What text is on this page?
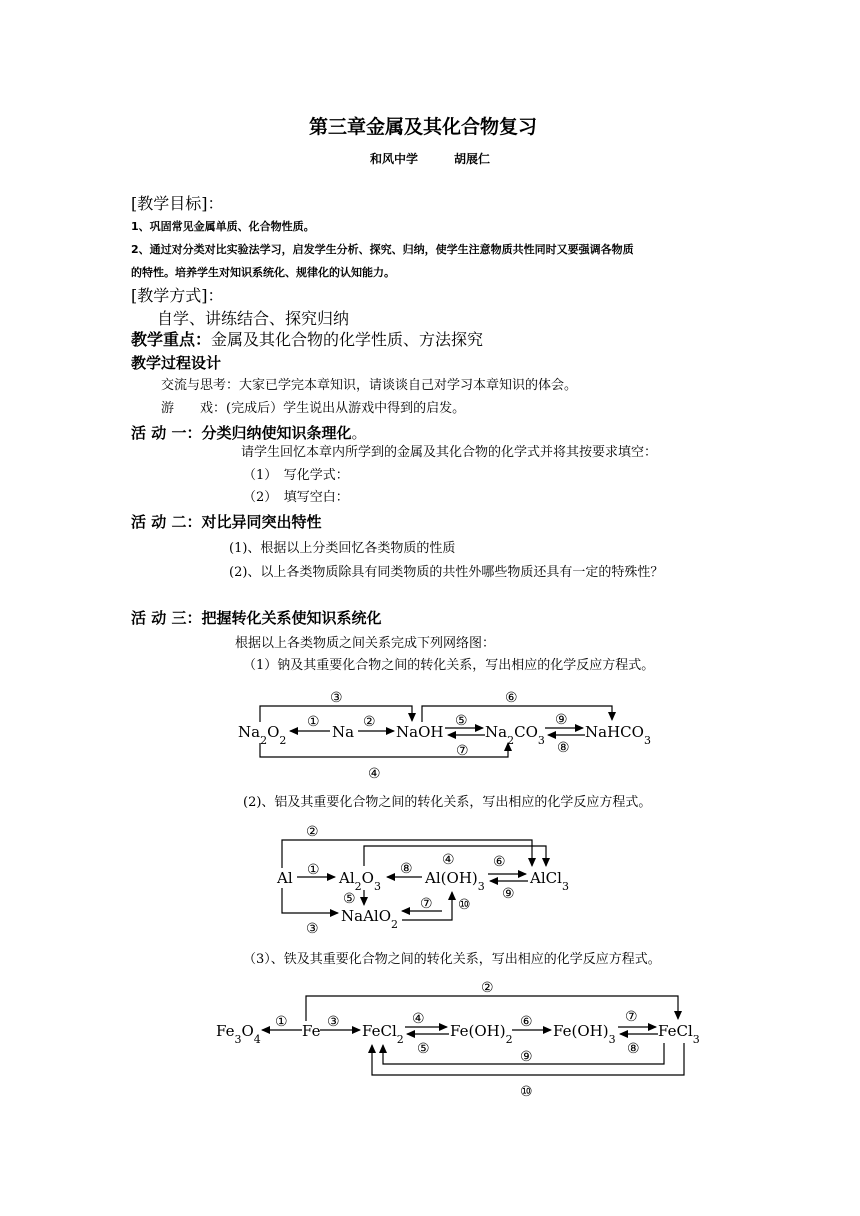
第三章金属及其化合物复习
和风中学　　　胡展仁
[教学目标]：
1、巩固常见金属单质、化合物性质。
2、通过对分类对比实验法学习，启发学生分析、探究、归纳，使学生注意物质共性同时又要强调各物质
的特性。培养学生对知识系统化、规律化的认知能力。
[教学方式]：
自学、讲练结合、探究归纳
教学重点：金属及其化合物的化学性质、方法探究
教学过程设计
交流与思考：大家已学完本章知识，请谈谈自己对学习本章知识的体会。
游　　戏：(完成后）学生说出从游戏中得到的启发。
活 动 一：分类归纳使知识条理化。
请学生回忆本章内所学到的金属及其化合物的化学式并将其按要求填空：
（1）　写化学式：
（2）　填写空白：
活 动 二：对比异同突出特性
(1)、根据以上分类回忆各类物质的性质
(2)、以上各类物质除具有同类物质的共性外哪些物质还具有一定的特殊性？
活 动 三：把握转化关系使知识系统化
根据以上各类物质之间关系完成下列网络图：
（1）钠及其重要化合物之间的转化关系，写出相应的化学反应方程式。
(2)、铝及其重要化合物之间的转化关系，写出相应的化学反应方程式。
（3）、铁及其重要化合物之间的转化关系，写出相应的化学反应方程式。
$Na_2O_2$	Na	NaOH	$Na_2CO_3$	NaHCO$_3$
①	②
③
④
⑤
⑥
⑦	⑧
⑨
Al	$Al_2O_3$	$Al(OH)_3$	AlCl$_3$
NaAlO$_2$
①
②
③
④
⑤
⑥
⑦
⑧
⑨
⑩
$Fe_3O_4$	Fe	FeCl$_2$	$Fe(OH)_2$	$Fe(OH)_3$	FeCl$_3$
①
②
③	④
⑤
⑥	⑦
⑧
⑨
⑩
